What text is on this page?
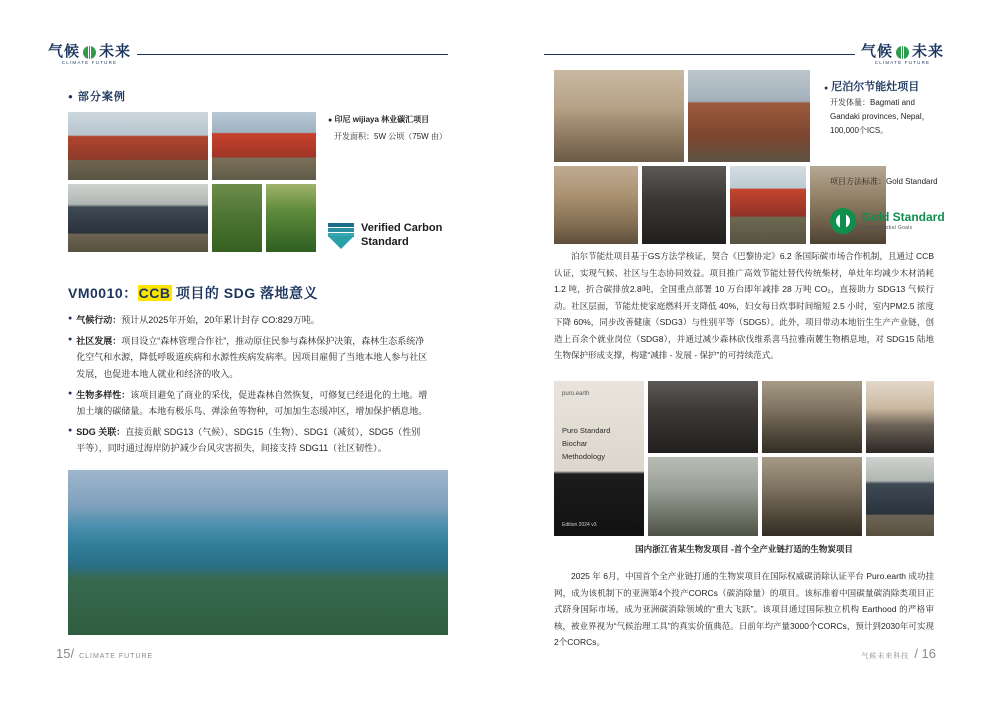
气候 未来
CLIMATE FUTURE
● 部分案例
● 印尼 wijiaya 林业碳汇项目
开发面积：5W 公顷（75W 由）
Verified Carbon
Standard
VM0010：CCB 项目的 SDG 落地意义
● 气候行动：预计从2025年开始，20年累计封存 CO:829万吨。
● 社区发展：项目设立“森林管理合作社”，推动原住民参与森林保护决策，森林生态系统净化空气和水源，降低呼吸道疾病和水源性疾病发病率。因项目雇佣了当地本地人参与社区发展，也促进本地人就业和经济的收入。
● 生物多样性：该项目避免了商业的采伐，促进森林自然恢复，可修复已经退化的土地。增加土壤的碳储量。本地有极乐鸟、弹涂鱼等物种，可加加生态缓冲区，增加保护栖息地。
● SDG 关联：直接贡献 SDG13（气候）、SDG15（生物）、SDG1（减贫），SDG5（性别平等），同时通过海岸防护减少台风灾害损失，间接支持 SDG11（社区韧性）。
15/ CLIMATE FUTURE
气候 未来
CLIMATE FUTURE
● 尼泊尔节能灶项目
开发体量：Bagmati and
Gandaki provinces, Nepal，
100,000个ICS。
项目方法标准：Gold Standard
Gold Standard
for the Global Goals
泊尔节能灶项目基于GS方法学核证，契合《巴黎协定》6.2 条国际碳市场合作机制，且通过 CCB 认证，实现气候、社区与生态协同效益。项目推广高效节能灶替代传统柴材，单灶年均减少木材消耗 1.2 吨，折合碳排放2.8吨，全国重点部署 10 万台即年减排 28 万吨 CO₂，直接助力 SDG13 气候行动。社区层面，节能灶使家庭燃料开支降低 40%，妇女每日炊事时间缩短 2.5 小时，室内PM2.5 浓度下降 60%，同步改善健康（SDG3）与性别平等（SDG5）。此外，项目带动本地衍生生产产业链，创造上百余个就业岗位（SDG8），并通过减少森林砍伐维系喜马拉雅南麓生物栖息地，对 SDG15 陆地生物保护形成支撑，构建“减排 - 发展 - 保护”的可持续范式。
puro.earth
Puro Standard
Biochar
Methodology
Edition 2024 v3
国内浙江省某生物发项目 -首个全产业链打适的生物炭项目
2025 年 6月，中国首个全产业链打通的生物炭项目在国际权威碳消除认证平台 Puro.earth 成功挂网，成为该机制下的亚洲第4个投产CORCs（碳消除量）的项目。该标准着中国碳量碳消除类项目正式跻身国际市场，成为亚洲碳消除领域的“重大飞跃”。该项目通过国际独立机构 Earthood 的严格审核，被业界视为“气候治理工具”的真实价值典范。日前年均产量3000个CORCs，预计到2030年可实现2个CORCs。
气候未来科技 / 16
